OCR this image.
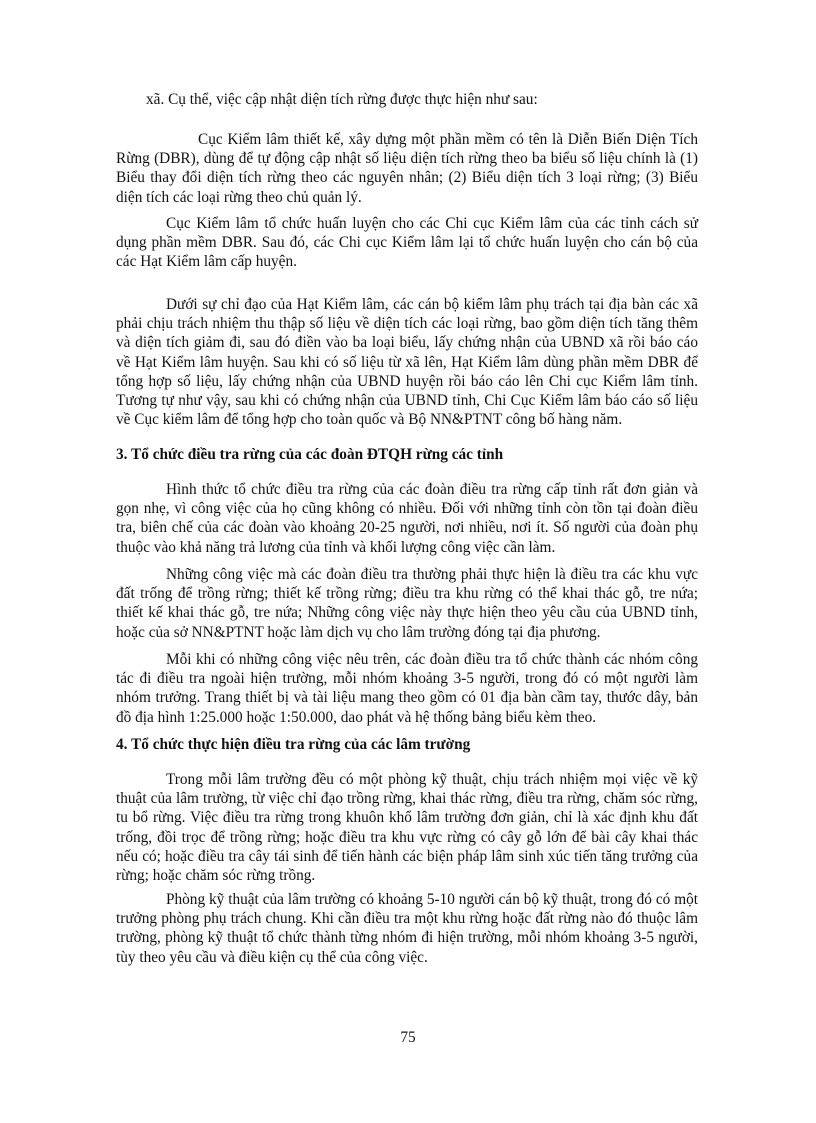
xã. Cụ thể, việc cập nhật diện tích rừng được thực hiện như sau:

Cục Kiểm lâm thiết kế, xây dựng một phần mềm có tên là Diễn Biến Diện Tích Rừng (DBR), dùng để tự động cập nhật số liệu diện tích rừng theo ba biểu số liệu chính là (1) Biểu thay đổi diện tích rừng theo các nguyên nhân; (2) Biểu diện tích 3 loại rừng; (3) Biểu diện tích các loại rừng theo chủ quản lý.

Cục Kiểm lâm tổ chức huấn luyện cho các Chi cục Kiểm lâm của các tỉnh cách sử dụng phần mềm DBR. Sau đó, các Chi cục Kiểm lâm lại tổ chức huấn luyện cho cán bộ của các Hạt Kiểm lâm cấp huyện.

Dưới sự chỉ đạo của Hạt Kiểm lâm, các cán bộ kiểm lâm phụ trách tại địa bàn các xã phải chịu trách nhiệm thu thập số liệu về diện tích các loại rừng, bao gồm diện tích tăng thêm và diện tích giảm đi, sau đó điền vào ba loại biểu, lấy chứng nhận của UBND xã rồi báo cáo về Hạt Kiểm lâm huyện. Sau khi có số liệu từ xã lên, Hạt Kiểm lâm dùng phần mềm DBR để tổng hợp số liệu, lấy chứng nhận của UBND huyện rồi báo cáo lên Chi cục Kiểm lâm tỉnh. Tương tự như vậy, sau khi có chứng nhận của UBND tỉnh, Chi Cục Kiểm lâm báo cáo số liệu về Cục kiểm lâm để tổng hợp cho toàn quốc và Bộ NN&PTNT công bố hàng năm.

3. Tổ chức điều tra rừng của các đoàn ĐTQH rừng các tỉnh

Hình thức tổ chức điều tra rừng của các đoàn điều tra rừng cấp tỉnh rất đơn giản và gọn nhẹ, vì công việc của họ cũng không có nhiều. Đối với những tỉnh còn tồn tại đoàn điều tra, biên chế của các đoàn vào khoảng 20-25 người, nơi nhiều, nơi ít. Số người của đoàn phụ thuộc vào khả năng trả lương của tỉnh và khối lượng công việc cần làm.

Những công việc mà các đoàn điều tra thường phải thực hiện là điều tra các khu vực đất trống để trồng rừng; thiết kế trồng rừng; điều tra khu rừng có thể khai thác gỗ, tre nứa; thiết kế khai thác gỗ, tre nứa; Những công việc này thực hiện theo yêu cầu của UBND tỉnh, hoặc của sở NN&PTNT hoặc làm dịch vụ cho lâm trường đóng tại địa phương.

Mỗi khi có những công việc nêu trên, các đoàn điều tra tổ chức thành các nhóm công tác đi điều tra ngoài hiện trường, mỗi nhóm khoảng 3-5 người, trong đó có một người làm nhóm trưởng. Trang thiết bị và tài liệu mang theo gồm có 01 địa bàn cầm tay, thước dây, bản đồ địa hình 1:25.000 hoặc 1:50.000, dao phát và hệ thống bảng biểu kèm theo.

4. Tổ chức thực hiện điều tra rừng của các lâm trường

Trong mỗi lâm trường đều có một phòng kỹ thuật, chịu trách nhiệm mọi việc về kỹ thuật của lâm trường, từ việc chỉ đạo trồng rừng, khai thác rừng, điều tra rừng, chăm sóc rừng, tu bổ rừng. Việc điều tra rừng trong khuôn khổ lâm trường đơn giản, chỉ là xác định khu đất trống, đồi trọc để trồng rừng; hoặc điều tra khu vực rừng có cây gỗ lớn để bài cây khai thác nếu có; hoặc điều tra cây tái sinh để tiến hành các biện pháp lâm sinh xúc tiến tăng trưởng của rừng; hoặc chăm sóc rừng trồng.

Phòng kỹ thuật của lâm trường có khoảng 5-10 người cán bộ kỹ thuật, trong đó có một trưởng phòng phụ trách chung. Khi cần điều tra một khu rừng hoặc đất rừng nào đó thuộc lâm trường, phòng kỹ thuật tổ chức thành từng nhóm đi hiện trường, mỗi nhóm khoảng 3-5 người, tùy theo yêu cầu và điều kiện cụ thể của công việc.

75
